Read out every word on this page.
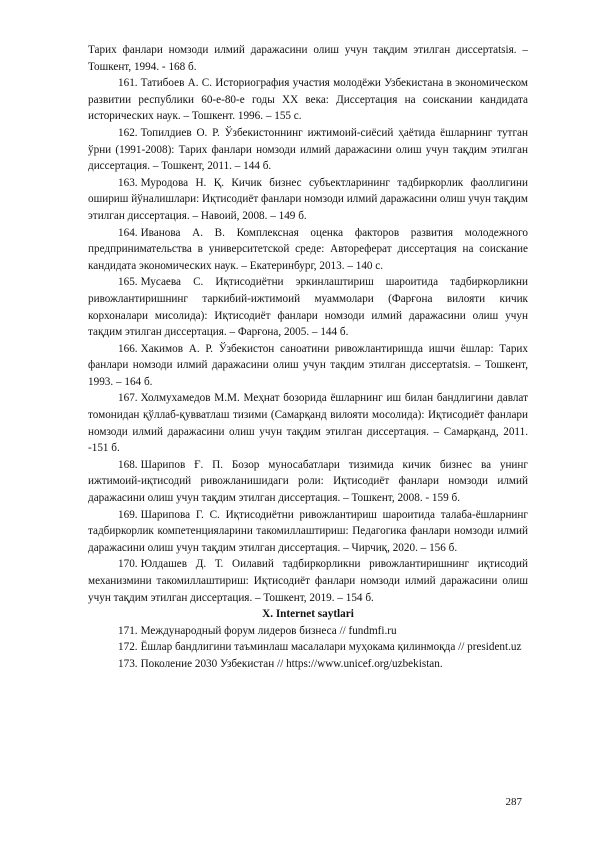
Тарих фанлари номзоди илмий даражасини олиш учун тақдим этилган диссертatsiя. – Тошкент, 1994. - 168 б.

161. Татибоев А. С. Историография участия молодёжи Узбекистана в экономическом развитии республики 60-е-80-е годы XX века: Диссертация на соискании кандидата исторических наук. – Тошкент. 1996. – 155 с.

162. Топилдиев О. Р. Ўзбекистоннинг ижтимоий-сиёсий ҳаётида ёшларнинг тутган ўрни (1991-2008): Тарих фанлари номзоди илмий даражасини олиш учун тақдим этилган диссертация. – Тошкент, 2011. – 144 б.

163. Муродова Н. Қ. Кичик бизнес субъектларининг тадбиркорлик фаоллигини ошириш йўналишлари: Иқтисодиёт фанлари номзоди илмий даражасини олиш учун тақдим этилган диссертация. – Навоий, 2008. – 149 б.

164. Иванова А. В. Комплексная оценка факторов развития молодежного предпринимательства в университетской среде: Автореферат диссертация на соискание кандидата экономических наук. – Екатеринбург, 2013. – 140 с.

165. Мусаева С. Иқтисодиётни эркинлаштириш шароитида тадбиркорликни ривожлантиришнинг таркибий-ижтимоий муаммолари (Фарғона вилояти кичик корхоналари мисолида): Иқтисодиёт фанлари номзоди илмий даражасини олиш учун тақдим этилган диссертация. – Фарғона, 2005. – 144 б.

166. Хакимов А. Р. Ўзбекистон саноатини ривожлантиришда ишчи ёшлар: Тарих фанлари номзоди илмий даражасини олиш учун тақдим этилган диссертatsiя. – Тошкент, 1993. – 164 б.

167. Холмухамедов М.М. Меҳнат бозорида ёшларнинг иш билан бандлигини давлат томонидан қўллаб-қувватлаш тизими (Самарқанд вилояти мосолида): Иқтисодиёт фанлари номзоди илмий даражасини олиш учун тақдим этилган диссертация. – Самарқанд, 2011. -151 б.

168. Шарипов Ғ. П. Бозор муносабатлари тизимида кичик бизнес ва унинг ижтимоий-иқтисодий ривожланишидаги роли: Иқтисодиёт фанлари номзоди илмий даражасини олиш учун тақдим этилган диссертация. – Тошкент, 2008. - 159 б.

169. Шарипова Г. С. Иқтисодиётни ривожлантириш шароитида талаба-ёшларнинг тадбиркорлик компетенцияларини такомиллаштириш: Педагогика фанлари номзоди илмий даражасини олиш учун тақдим этилган диссертация. – Чирчиқ, 2020. – 156 б.

170. Юлдашев Д. Т. Оилавий тадбиркорликни ривожлантиришнинг иқтисодий механизмини такомиллаштириш: Иқтисодиёт фанлари номзоди илмий даражасини олиш учун тақдим этилган диссертация. – Тошкент, 2019. – 154 б.

X. Internet saytlari

171. Международный форум лидеров бизнеса // fundmfi.ru

172. Ёшлар бандлигини таъминлаш масалалари муҳокама қилинмоқда // president.uz

173. Поколение 2030 Узбекистан // https://www.unicef.org/uzbekistan.

287
